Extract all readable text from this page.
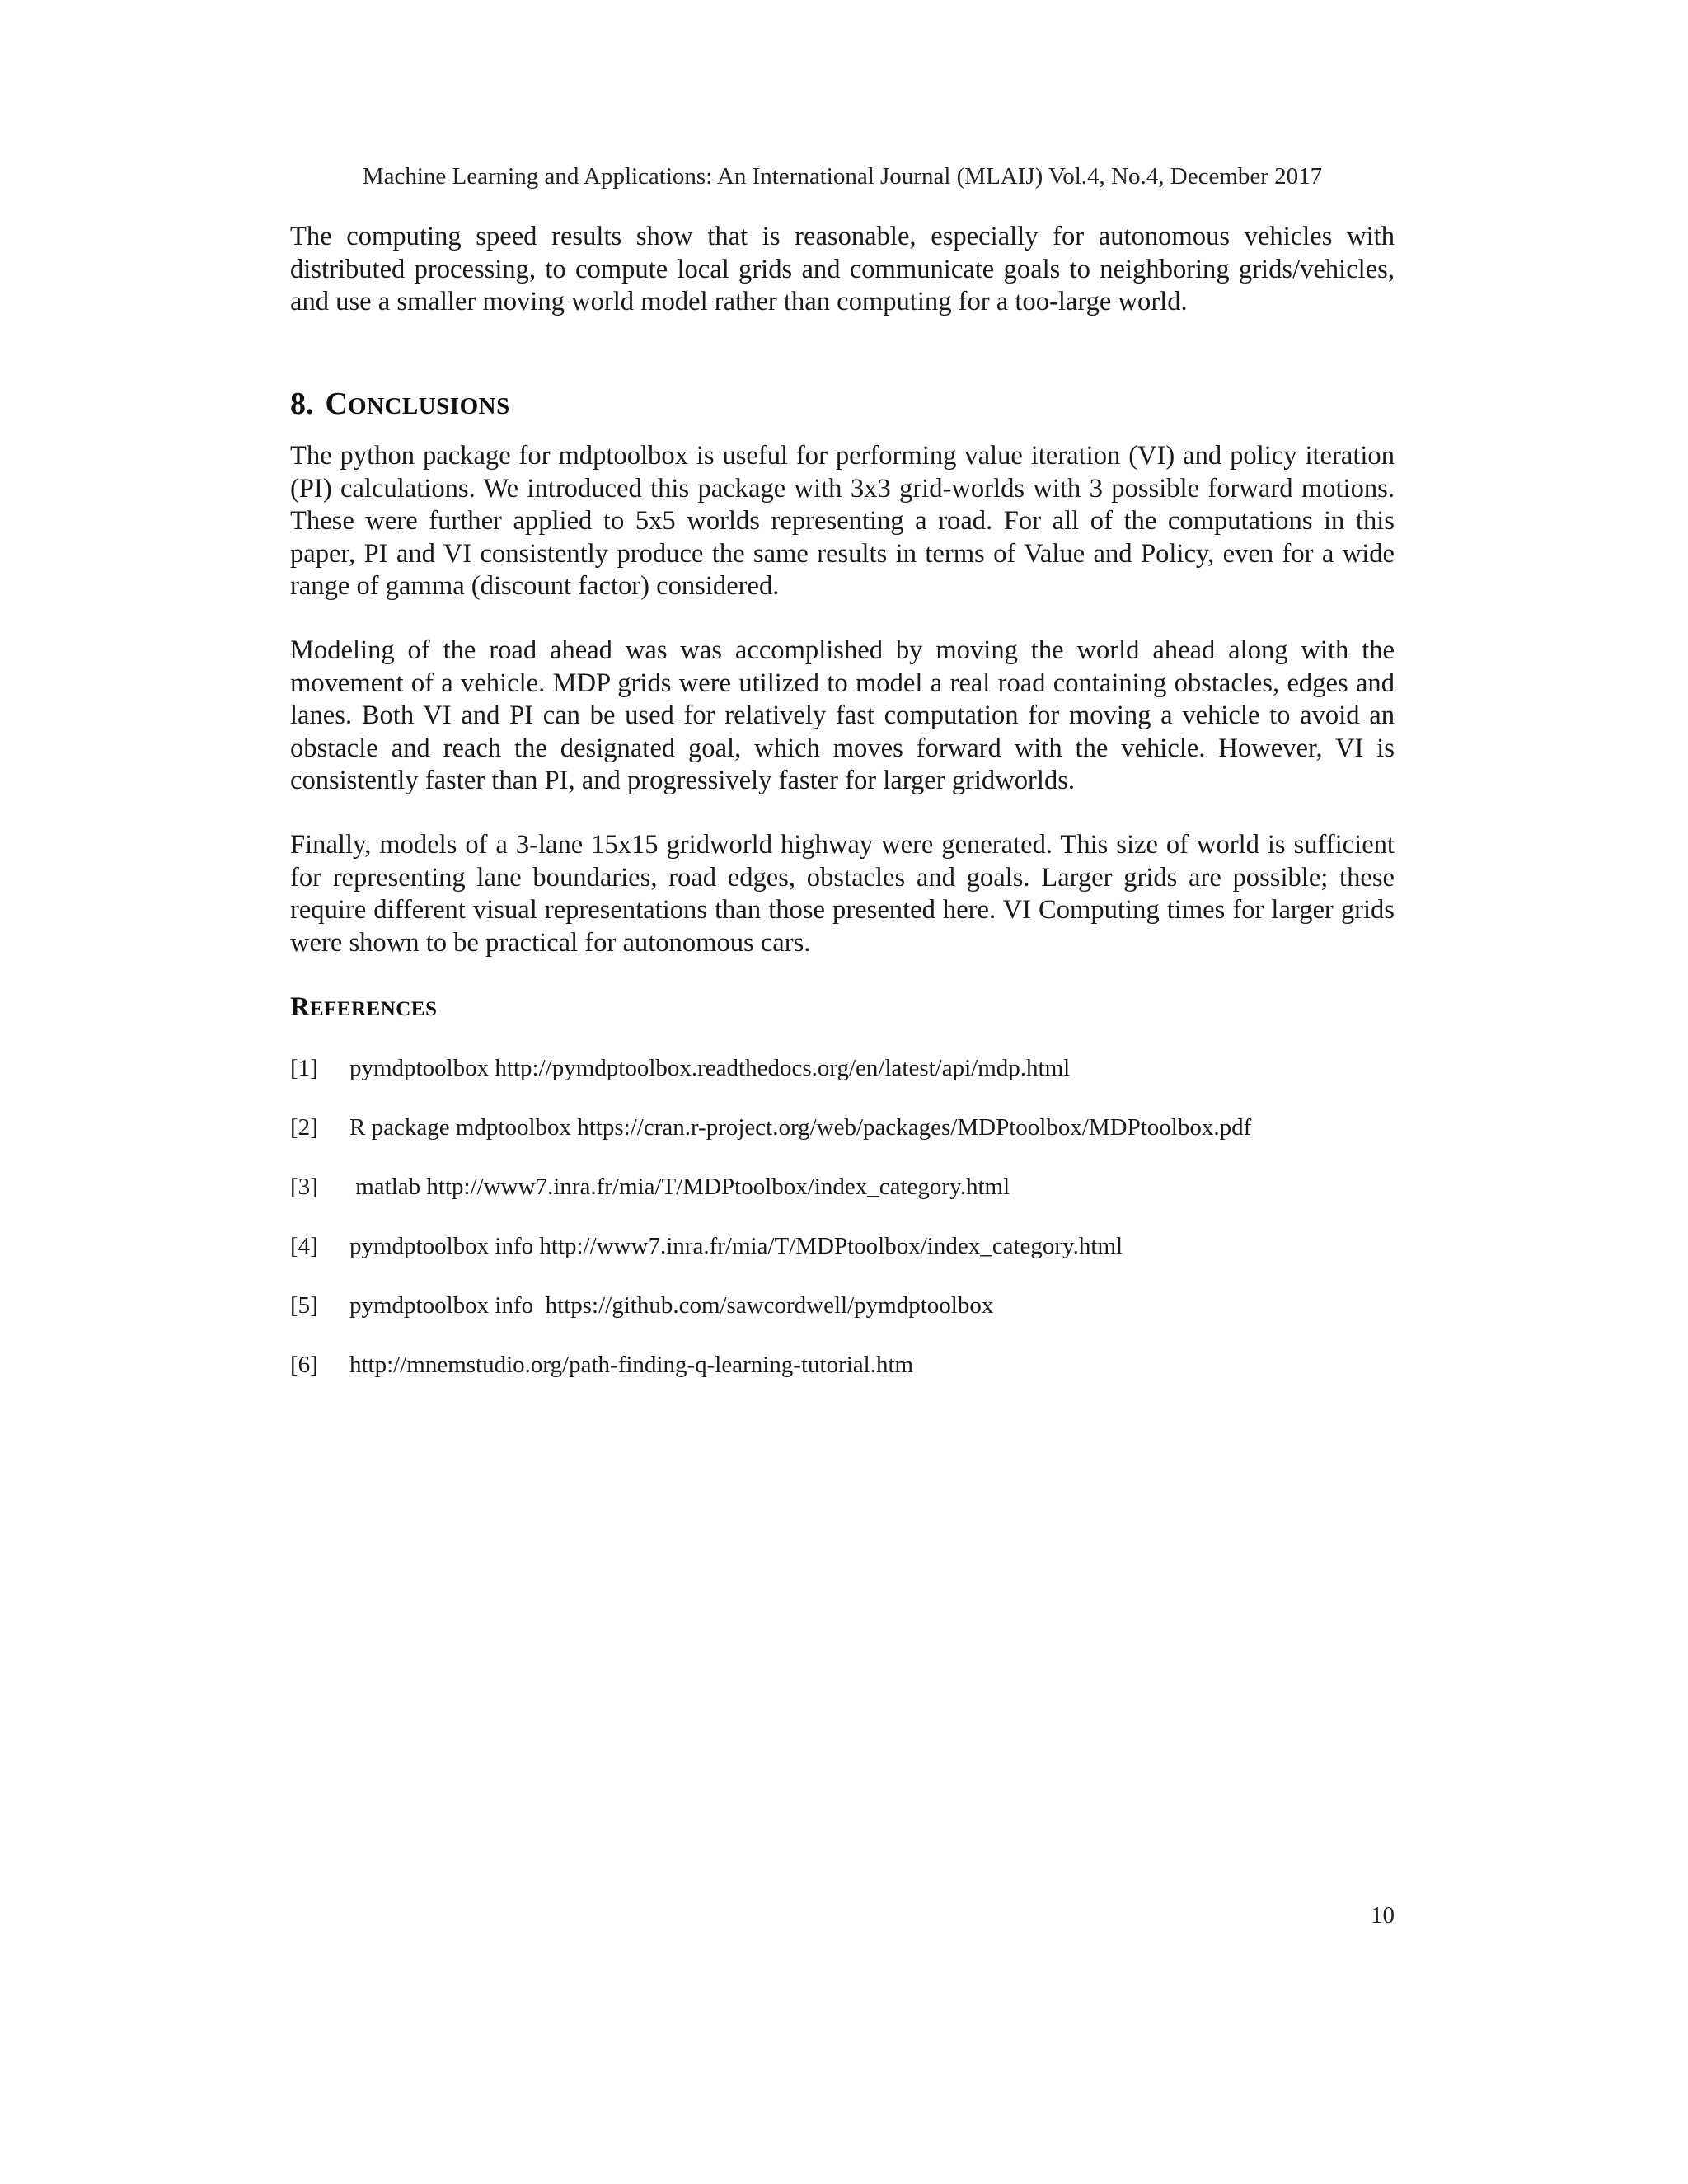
Machine Learning and Applications: An International Journal (MLAIJ) Vol.4, No.4, December 2017

The computing speed results show that is reasonable, especially for autonomous vehicles with distributed processing, to compute local grids and communicate goals to neighboring grids/vehicles, and use a smaller moving world model rather than computing for a too-large world.

8. CONCLUSIONS

The python package for mdptoolbox is useful for performing value iteration (VI) and policy iteration (PI) calculations. We introduced this package with 3x3 grid-worlds with 3 possible forward motions. These were further applied to 5x5 worlds representing a road. For all of the computations in this paper, PI and VI consistently produce the same results in terms of Value and Policy, even for a wide range of gamma (discount factor) considered.

Modeling of the road ahead was was accomplished by moving the world ahead along with the movement of a vehicle. MDP grids were utilized to model a real road containing obstacles, edges and lanes. Both VI and PI can be used for relatively fast computation for moving a vehicle to avoid an obstacle and reach the designated goal, which moves forward with the vehicle. However, VI is consistently faster than PI, and progressively faster for larger gridworlds.

Finally, models of a 3-lane 15x15 gridworld highway were generated. This size of world is sufficient for representing lane boundaries, road edges, obstacles and goals. Larger grids are possible; these require different visual representations than those presented here. VI Computing times for larger grids were shown to be practical for autonomous cars.

REFERENCES
[1] pymdptoolbox http://pymdptoolbox.readthedocs.org/en/latest/api/mdp.html
[2] R package mdptoolbox https://cran.r-project.org/web/packages/MDPtoolbox/MDPtoolbox.pdf
[3] matlab http://www7.inra.fr/mia/T/MDPtoolbox/index_category.html
[4] pymdptoolbox info http://www7.inra.fr/mia/T/MDPtoolbox/index_category.html
[5] pymdptoolbox info  https://github.com/sawcordwell/pymdptoolbox
[6] http://mnemstudio.org/path-finding-q-learning-tutorial.htm
10
